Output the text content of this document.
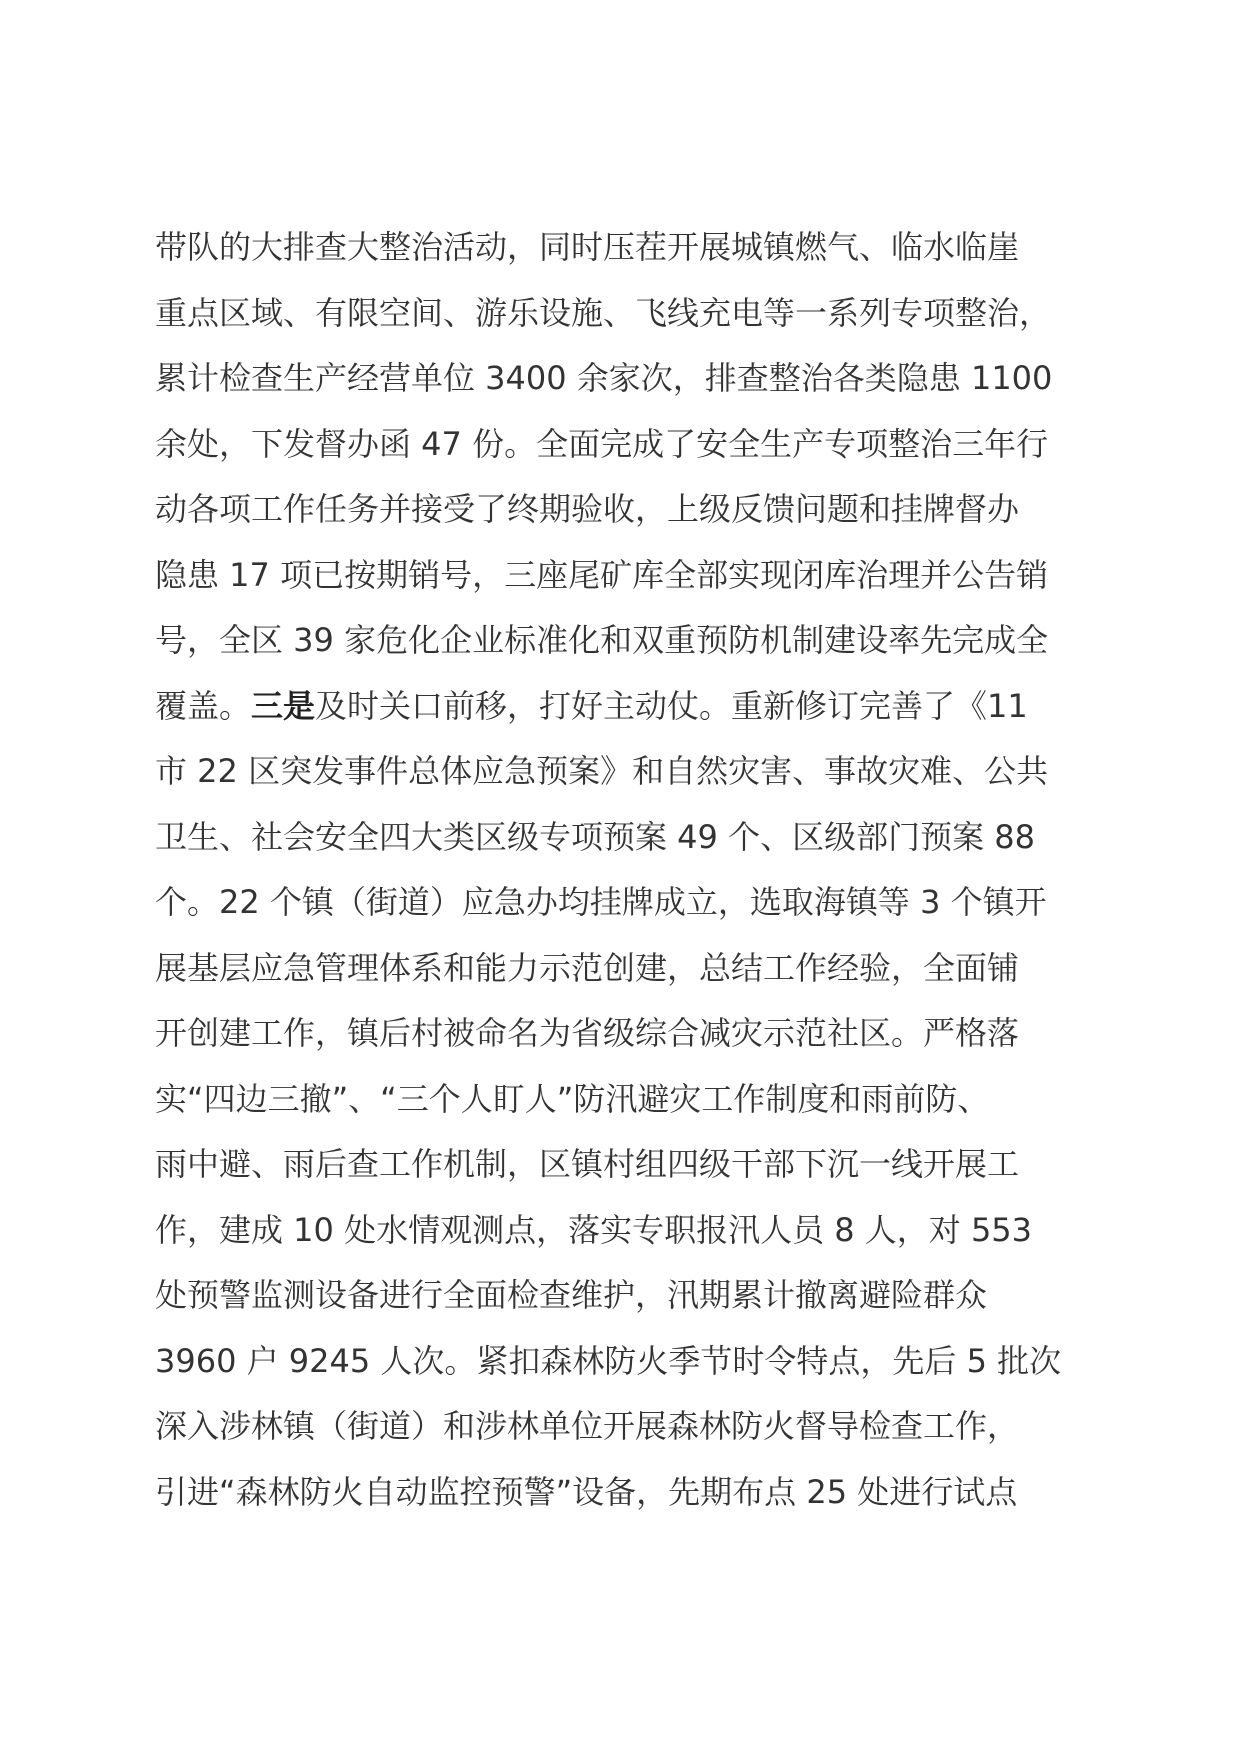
带队的大排查大整治活动，同时压茬开展城镇燃气、临水临崖
重点区域、有限空间、游乐设施、飞线充电等一系列专项整治，
累计检查生产经营单位 3400 余家次，排查整治各类隐患 1100
余处，下发督办函 47 份。全面完成了安全生产专项整治三年行
动各项工作任务并接受了终期验收，上级反馈问题和挂牌督办
隐患 17 项已按期销号，三座尾矿库全部实现闭库治理并公告销
号，全区 39 家危化企业标准化和双重预防机制建设率先完成全
覆盖。三是及时关口前移，打好主动仗。重新修订完善了《11
市 22 区突发事件总体应急预案》和自然灾害、事故灾难、公共
卫生、社会安全四大类区级专项预案 49 个、区级部门预案 88
个。22 个镇（街道）应急办均挂牌成立，选取海镇等 3 个镇开
展基层应急管理体系和能力示范创建，总结工作经验，全面铺
开创建工作，镇后村被命名为省级综合减灾示范社区。严格落
实“四边三撤”、“三个人盯人”防汛避灾工作制度和雨前防、
雨中避、雨后查工作机制，区镇村组四级干部下沉一线开展工
作，建成 10 处水情观测点，落实专职报汛人员 8 人，对 553
处预警监测设备进行全面检查维护，汛期累计撤离避险群众
3960 户 9245 人次。紧扣森林防火季节时令特点，先后 5 批次
深入涉林镇（街道）和涉林单位开展森林防火督导检查工作，
引进“森林防火自动监控预警”设备，先期布点 25 处进行试点
